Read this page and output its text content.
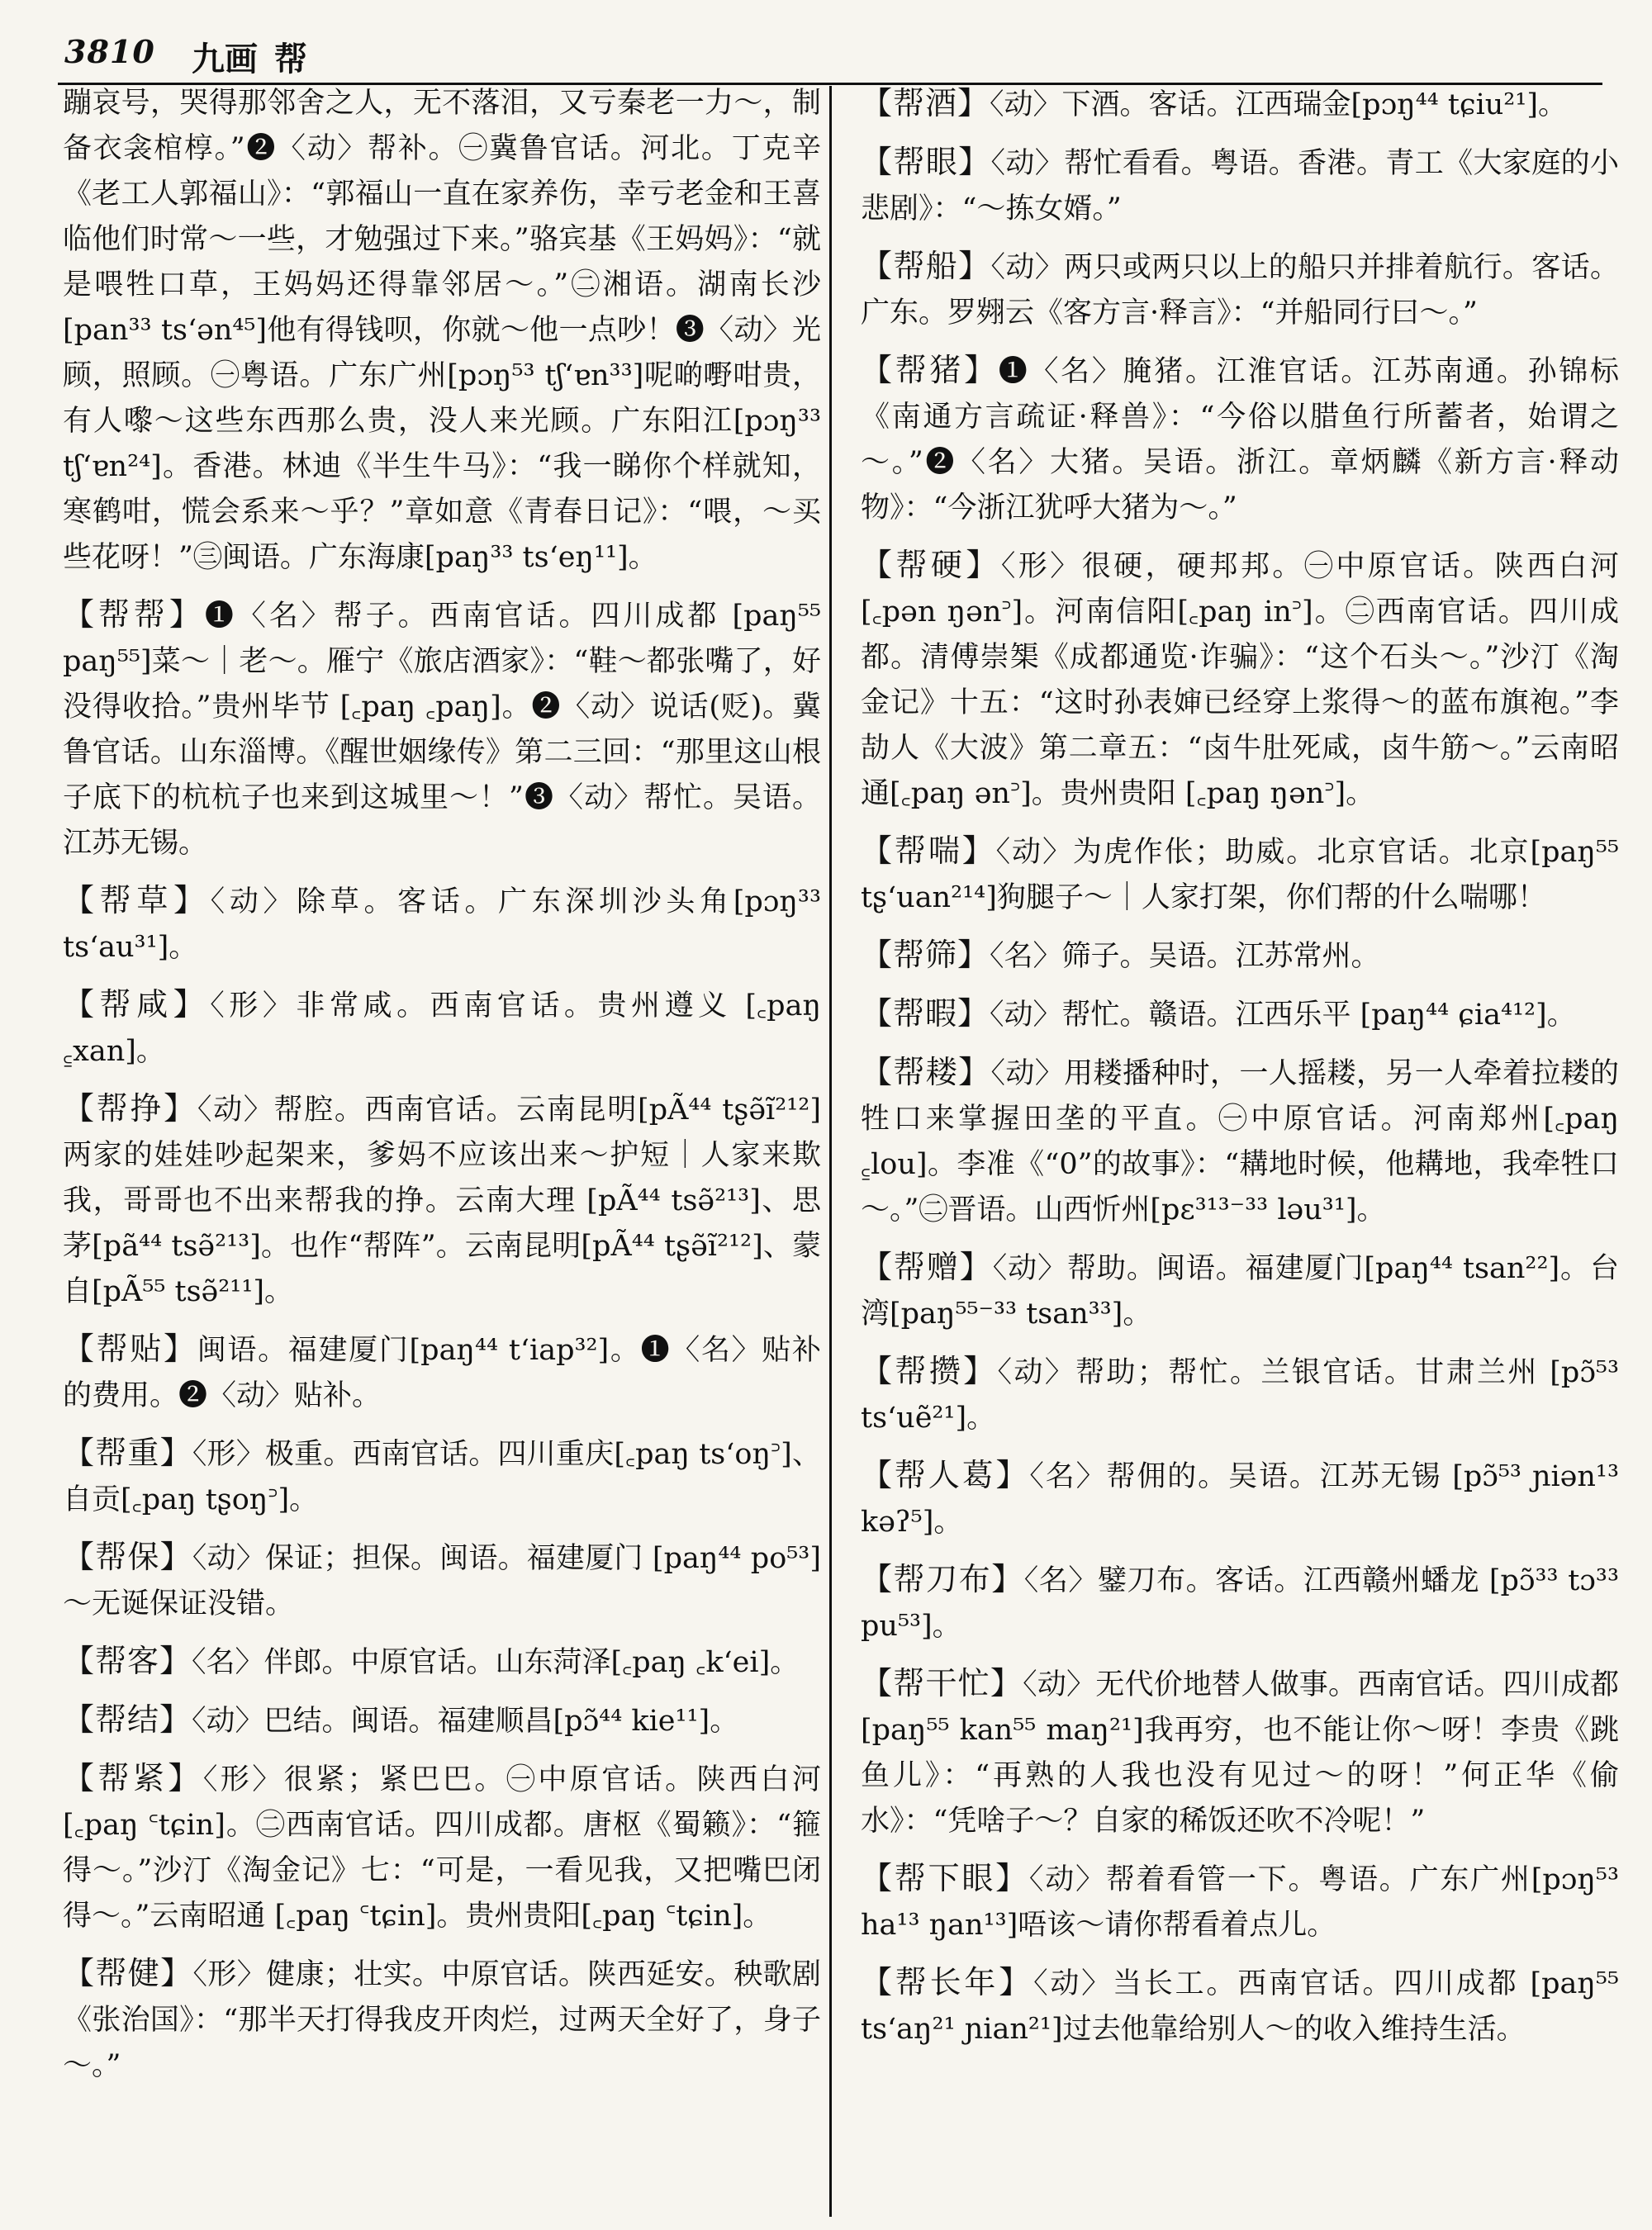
3810 九画 帮

蹦哀号，哭得那邻舍之人，无不落泪，又亏秦老一力～，制备衣衾棺椁。”❷〈动〉帮补。㊀冀鲁官话。河北。丁克辛《老工人郭福山》：“郭福山一直在家养伤，幸亏老金和王喜临他们时常～一些，才勉强过下来。”骆宾基《王妈妈》：“就是喂牲口草，王妈妈还得靠邻居～。”㊁湘语。湖南长沙[pan³³ ts‘ən⁴⁵]他有得钱呗，你就～他一点吵！❸〈动〉光顾，照顾。㊀粤语。广东广州[pɔŋ⁵³ tʃ‘ɐn³³]呢啲嘢咁贵，有人嚟～这些东西那么贵，没人来光顾。广东阳江[pɔŋ³³ tʃ‘ɐn²⁴]。香港。林迪《半生牛马》：“我一睇你个样就知，寒鹤咁，慌会系来～乎？”章如意《青春日记》：“喂，～买些花呀！”㊂闽语。广东海康[paŋ³³ ts‘eŋ¹¹]。

【帮帮】❶〈名〉帮子。西南官话。四川成都 [paŋ⁵⁵ paŋ⁵⁵]菜～｜老～。雁宁《旅店酒家》：“鞋～都张嘴了，好没得收拾。”贵州毕节 [꜀paŋ ꜀paŋ]。❷〈动〉说话(贬)。冀鲁官话。山东淄博。《醒世姻缘传》第二三回：“那里这山根子底下的杭杭子也来到这城里～！”❸〈动〉帮忙。吴语。江苏无锡。

【帮草】〈动〉除草。客话。广东深圳沙头角[pɔŋ³³ ts‘au³¹]。

【帮咸】〈形〉非常咸。西南官话。贵州遵义 [꜀paŋ ꜁xan]。

【帮挣】〈动〉帮腔。西南官话。云南昆明[pÃ⁴⁴ tʂə̃ĩ²¹²]两家的娃娃吵起架来，爹妈不应该出来～护短｜人家来欺我，哥哥也不出来帮我的挣。云南大理 [pÃ⁴⁴ tsə̃²¹³]、思茅[pã⁴⁴ tsə̃²¹³]。也作“帮阵”。云南昆明[pÃ⁴⁴ tʂə̃ĩ²¹²]、蒙自[pÃ⁵⁵ tsə̃²¹¹]。

【帮贴】闽语。福建厦门[paŋ⁴⁴ t‘iap³²]。❶〈名〉贴补的费用。❷〈动〉贴补。

【帮重】〈形〉极重。西南官话。四川重庆[꜀paŋ ts‘oŋ꜄]、自贡[꜀paŋ tʂoŋ꜄]。

【帮保】〈动〉保证；担保。闽语。福建厦门 [paŋ⁴⁴ po⁵³]～无诞保证没错。

【帮客】〈名〉伴郎。中原官话。山东菏泽[꜀paŋ ꜀k‘ei]。

【帮结】〈动〉巴结。闽语。福建顺昌[pɔ̃⁴⁴ kie¹¹]。

【帮紧】〈形〉很紧；紧巴巴。㊀中原官话。陕西白河[꜀paŋ ꜂tɕin]。㊁西南官话。四川成都。唐枢《蜀籁》：“箍得～。”沙汀《淘金记》七：“可是，一看见我，又把嘴巴闭得～。”云南昭通 [꜀paŋ ꜂tɕin]。贵州贵阳[꜀paŋ ꜂tɕin]。

【帮健】〈形〉健康；壮实。中原官话。陕西延安。秧歌剧《张治国》：“那半天打得我皮开肉烂，过两天全好了，身子～。”

【帮酒】〈动〉下酒。客话。江西瑞金[pɔŋ⁴⁴ tɕiu²¹]。

【帮眼】〈动〉帮忙看看。粤语。香港。青工《大家庭的小悲剧》：“～拣女婿。”

【帮船】〈动〉两只或两只以上的船只并排着航行。客话。广东。罗翙云《客方言·释言》：“并船同行曰～。”

【帮猪】❶〈名〉腌猪。江淮官话。江苏南通。孙锦标《南通方言疏证·释兽》：“今俗以腊鱼行所蓄者，始谓之～。”❷〈名〉大猪。吴语。浙江。章炳麟《新方言·释动物》：“今浙江犹呼大猪为～。”

【帮硬】〈形〉很硬，硬邦邦。㊀中原官话。陕西白河[꜀pən ŋən꜄]。河南信阳[꜀paŋ in꜄]。㊁西南官话。四川成都。清傅崇榘《成都通览·诈骗》：“这个石头～。”沙汀《淘金记》十五：“这时孙表婶已经穿上浆得～的蓝布旗袍。”李劼人《大波》第二章五：“卤牛肚死咸，卤牛筋～。”云南昭通[꜀paŋ ən꜄]。贵州贵阳 [꜀paŋ ŋən꜄]。

【帮喘】〈动〉为虎作伥；助威。北京官话。北京[paŋ⁵⁵ tʂ‘uan²¹⁴]狗腿子～｜人家打架，你们帮的什么喘哪！

【帮筛】〈名〉筛子。吴语。江苏常州。

【帮暇】〈动〉帮忙。赣语。江西乐平 [paŋ⁴⁴ ɕia⁴¹²]。

【帮耧】〈动〉用耧播种时，一人摇耧，另一人牵着拉耧的牲口来掌握田垄的平直。㊀中原官话。河南郑州[꜀paŋ ꜁lou]。李准《“0”的故事》：“耩地时候，他耩地，我牵牲口～。”㊁晋语。山西忻州[pɛ³¹³⁻³³ ləu³¹]。

【帮赠】〈动〉帮助。闽语。福建厦门[paŋ⁴⁴ tsan²²]。台湾[paŋ⁵⁵⁻³³ tsan³³]。

【帮攒】〈动〉帮助；帮忙。兰银官话。甘肃兰州 [pɔ̃⁵³ ts‘uẽ²¹]。

【帮人葛】〈名〉帮佣的。吴语。江苏无锡 [pɔ̃⁵³ ɲiən¹³ kəʔ⁵]。

【帮刀布】〈名〉鐾刀布。客话。江西赣州蟠龙 [pɔ̃³³ tɔ³³ pu⁵³]。

【帮干忙】〈动〉无代价地替人做事。西南官话。四川成都[paŋ⁵⁵ kan⁵⁵ maŋ²¹]我再穷，也不能让你～呀！李贵《跳鱼儿》：“再熟的人我也没有见过～的呀！”何正华《偷水》：“凭啥子～？自家的稀饭还吹不冷呢！”

【帮下眼】〈动〉帮着看管一下。粤语。广东广州[pɔŋ⁵³ ha¹³ ŋan¹³]唔该～请你帮看着点儿。

【帮长年】〈动〉当长工。西南官话。四川成都 [paŋ⁵⁵ ts‘aŋ²¹ ɲian²¹]过去他靠给别人～的收入维持生活。
